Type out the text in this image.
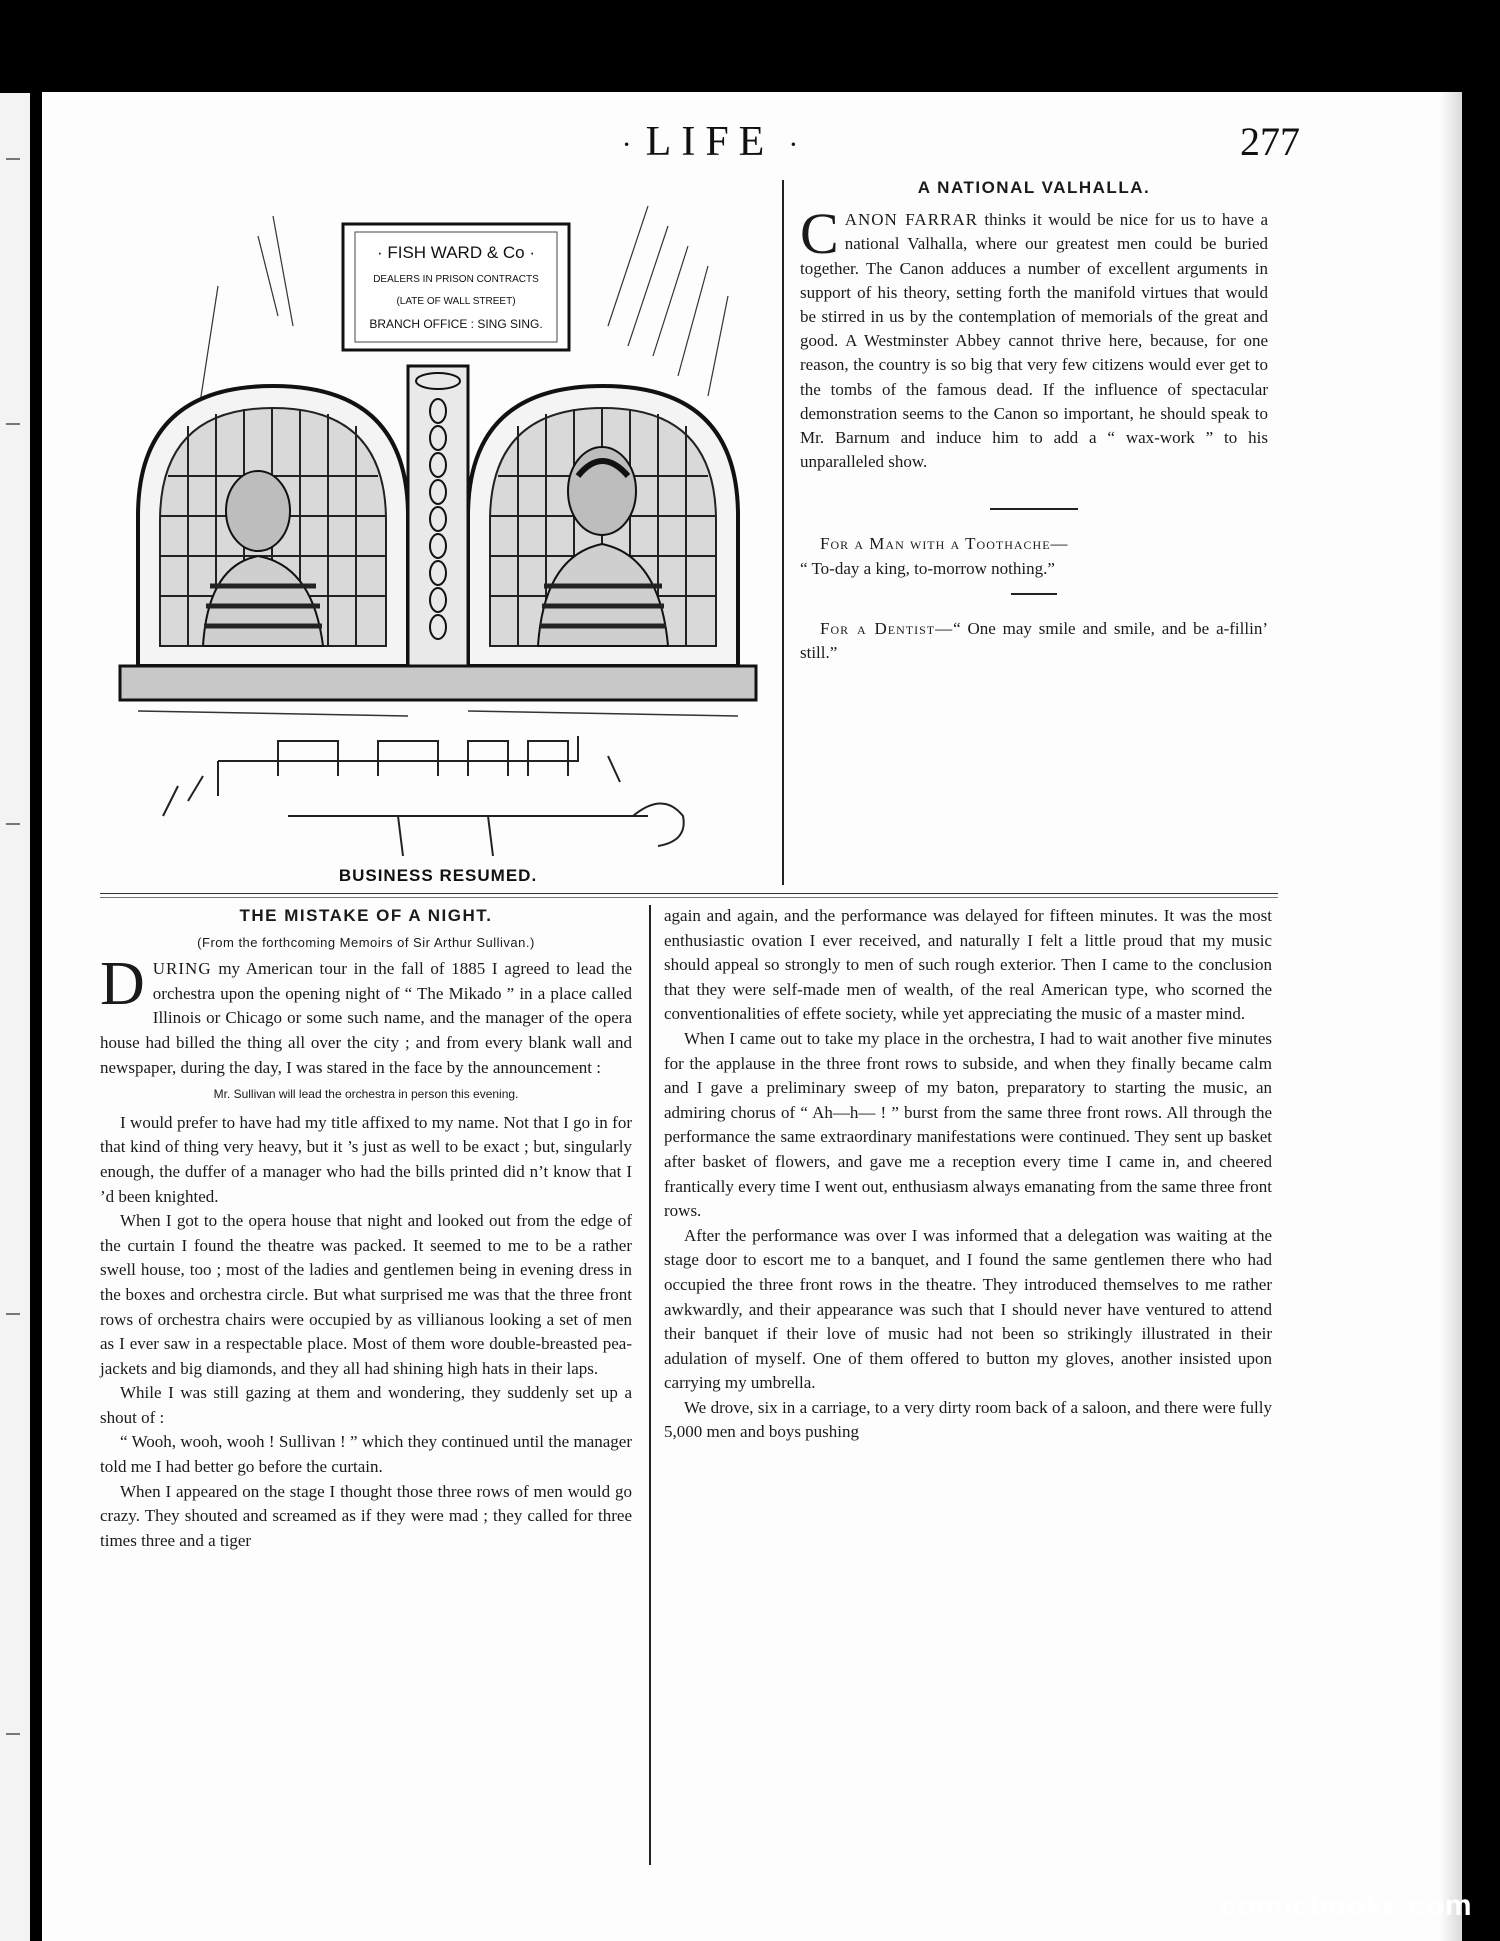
· LIFE ·	277
· FISH WARD & Co ·
DEALERS IN PRISON CONTRACTS
(LATE OF WALL STREET)
BRANCH OFFICE : SING SING.
BUSINESS RESUMED.
A NATIONAL VALHALLA.

CANON FARRAR thinks it would be nice for us to have a national Valhalla, where our greatest men could be buried together. The Canon adduces a number of excellent arguments in support of his theory, setting forth the manifold virtues that would be stirred in us by the contemplation of memorials of the great and good. A Westminster Abbey cannot thrive here, because, for one reason, the country is so big that very few citizens would ever get to the tombs of the famous dead. If the influence of spectacular demonstration seems to the Canon so important, he should speak to Mr. Barnum and induce him to add a “ wax-work ” to his unparalleled show.

For a Man with a Toothache—
“ To-day a king, to-morrow nothing.”

For a Dentist—“ One may smile and smile, and be a-fillin’ still.”

THE MISTAKE OF A NIGHT.
(From the forthcoming Memoirs of Sir Arthur Sullivan.)

DURING my American tour in the fall of 1885 I agreed to lead the orchestra upon the opening night of “ The Mikado ” in a place called Illinois or Chicago or some such name, and the manager of the opera house had billed the thing all over the city ; and from every blank wall and newspaper, during the day, I was stared in the face by the announcement :

Mr. Sullivan will lead the orchestra in person this evening.

I would prefer to have had my title affixed to my name. Not that I go in for that kind of thing very heavy, but it ’s just as well to be exact ; but, singularly enough, the duffer of a manager who had the bills printed did n’t know that I ’d been knighted.

When I got to the opera house that night and looked out from the edge of the curtain I found the theatre was packed. It seemed to me to be a rather swell house, too ; most of the ladies and gentlemen being in evening dress in the boxes and orchestra circle. But what surprised me was that the three front rows of orchestra chairs were occupied by as villianous looking a set of men as I ever saw in a respectable place. Most of them wore double-breasted pea-jackets and big diamonds, and they all had shining high hats in their laps.

While I was still gazing at them and wondering, they suddenly set up a shout of :

“ Wooh, wooh, wooh ! Sullivan ! ” which they continued until the manager told me I had better go before the curtain.

When I appeared on the stage I thought those three rows of men would go crazy. They shouted and screamed as if they were mad ; they called for three times three and a tiger

again and again, and the performance was delayed for fifteen minutes. It was the most enthusiastic ovation I ever received, and naturally I felt a little proud that my music should appeal so strongly to men of such rough exterior. Then I came to the conclusion that they were self-made men of wealth, of the real American type, who scorned the conventionalities of effete society, while yet appreciating the music of a master mind.

When I came out to take my place in the orchestra, I had to wait another five minutes for the applause in the three front rows to subside, and when they finally became calm and I gave a preliminary sweep of my baton, preparatory to starting the music, an admiring chorus of “ Ah—h— ! ” burst from the same three front rows. All through the performance the same extraordinary manifestations were continued. They sent up basket after basket of flowers, and gave me a reception every time I came in, and cheered frantically every time I went out, enthusiasm always emanating from the same three front rows.

After the performance was over I was informed that a delegation was waiting at the stage door to escort me to a banquet, and I found the same gentlemen there who had occupied the three front rows in the theatre. They introduced themselves to me rather awkwardly, and their appearance was such that I should never have ventured to attend their banquet if their love of music had not been so strikingly illustrated in their adulation of myself. One of them offered to button my gloves, another insisted upon carrying my umbrella.

We drove, six in a carriage, to a very dirty room back of a saloon, and there were fully 5,000 men and boys pushing

comicbooks.com
